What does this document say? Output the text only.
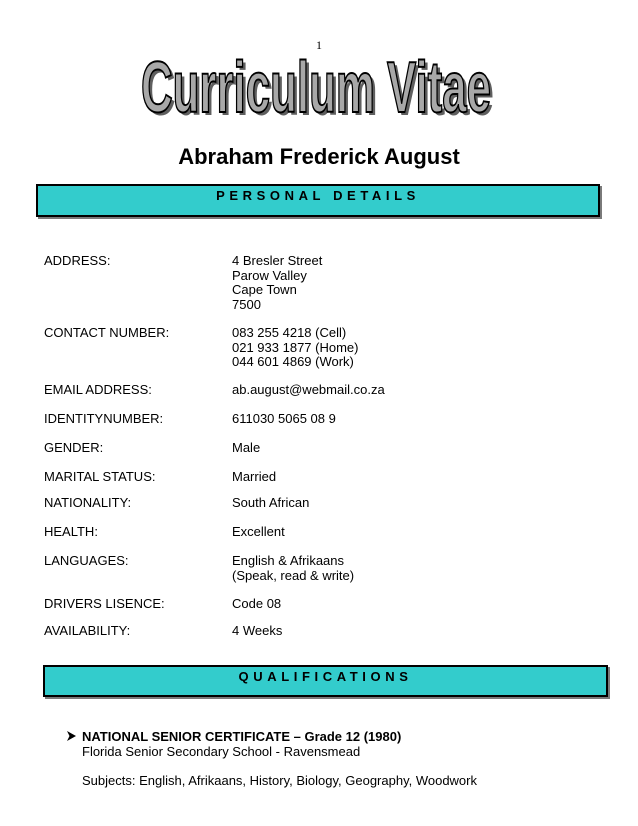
1
Curriculum Vitae
Curriculum Vitae
Abraham Frederick August
PERSONAL DETAILS
ADDRESS:	4 Bresler Street
Parow Valley
Cape Town
7500
CONTACT NUMBER:	083 255 4218 (Cell)
021 933 1877 (Home)
044 601 4869 (Work)
EMAIL ADDRESS:	ab.august@webmail.co.za
IDENTITYNUMBER:	611030 5065 08 9
GENDER:	Male
MARITAL STATUS:	Married
NATIONALITY:	South African
HEALTH:	Excellent
LANGUAGES:	English & Afrikaans
(Speak, read & write)
DRIVERS LISENCE:	Code 08
AVAILABILITY:	4 Weeks
QUALIFICATIONS
NATIONAL SENIOR CERTIFICATE – Grade 12 (1980)
Florida Senior Secondary School - Ravensmead
Subjects: English, Afrikaans, History, Biology, Geography, Woodwork
